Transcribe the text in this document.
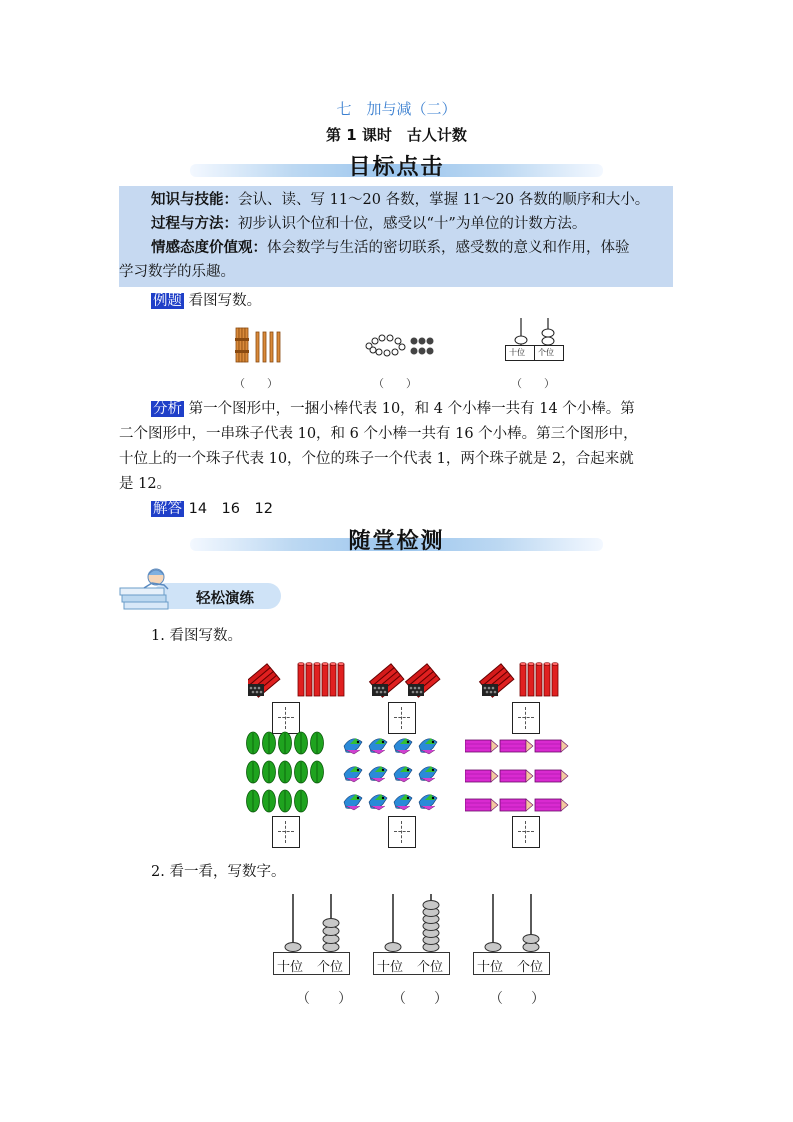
七　加与减（二）
第 1 课时　古人计数
目标点击

知识与技能：会认、读、写 11～20 各数，掌握 11～20 各数的顺序和大小。

过程与方法：初步认识个位和十位，感受以“十”为单位的计数方法。

情感态度价值观：体会数学与生活的密切联系，感受数的意义和作用，体验

学习数学的乐趣。

例题 看图写数。
十位 个位
（　　）	（　　）	（　　）
分析 第一个图形中，一捆小棒代表 10，和 4 个小棒一共有 14 个小棒。第
二个图形中，一串珠子代表 10，和 6 个小棒一共有 16 个小棒。第三个图形中，
十位上的一个珠子代表 10，个位的珠子一个代表 1，两个珠子就是 2，合起来就
是 12。
解答 14　16　12
随堂检测
轻松演练
1. 看图写数。
2. 看一看，写数字。
十位 个位	十位 个位	十位 个位
（　　）	（　　）	（　　）
